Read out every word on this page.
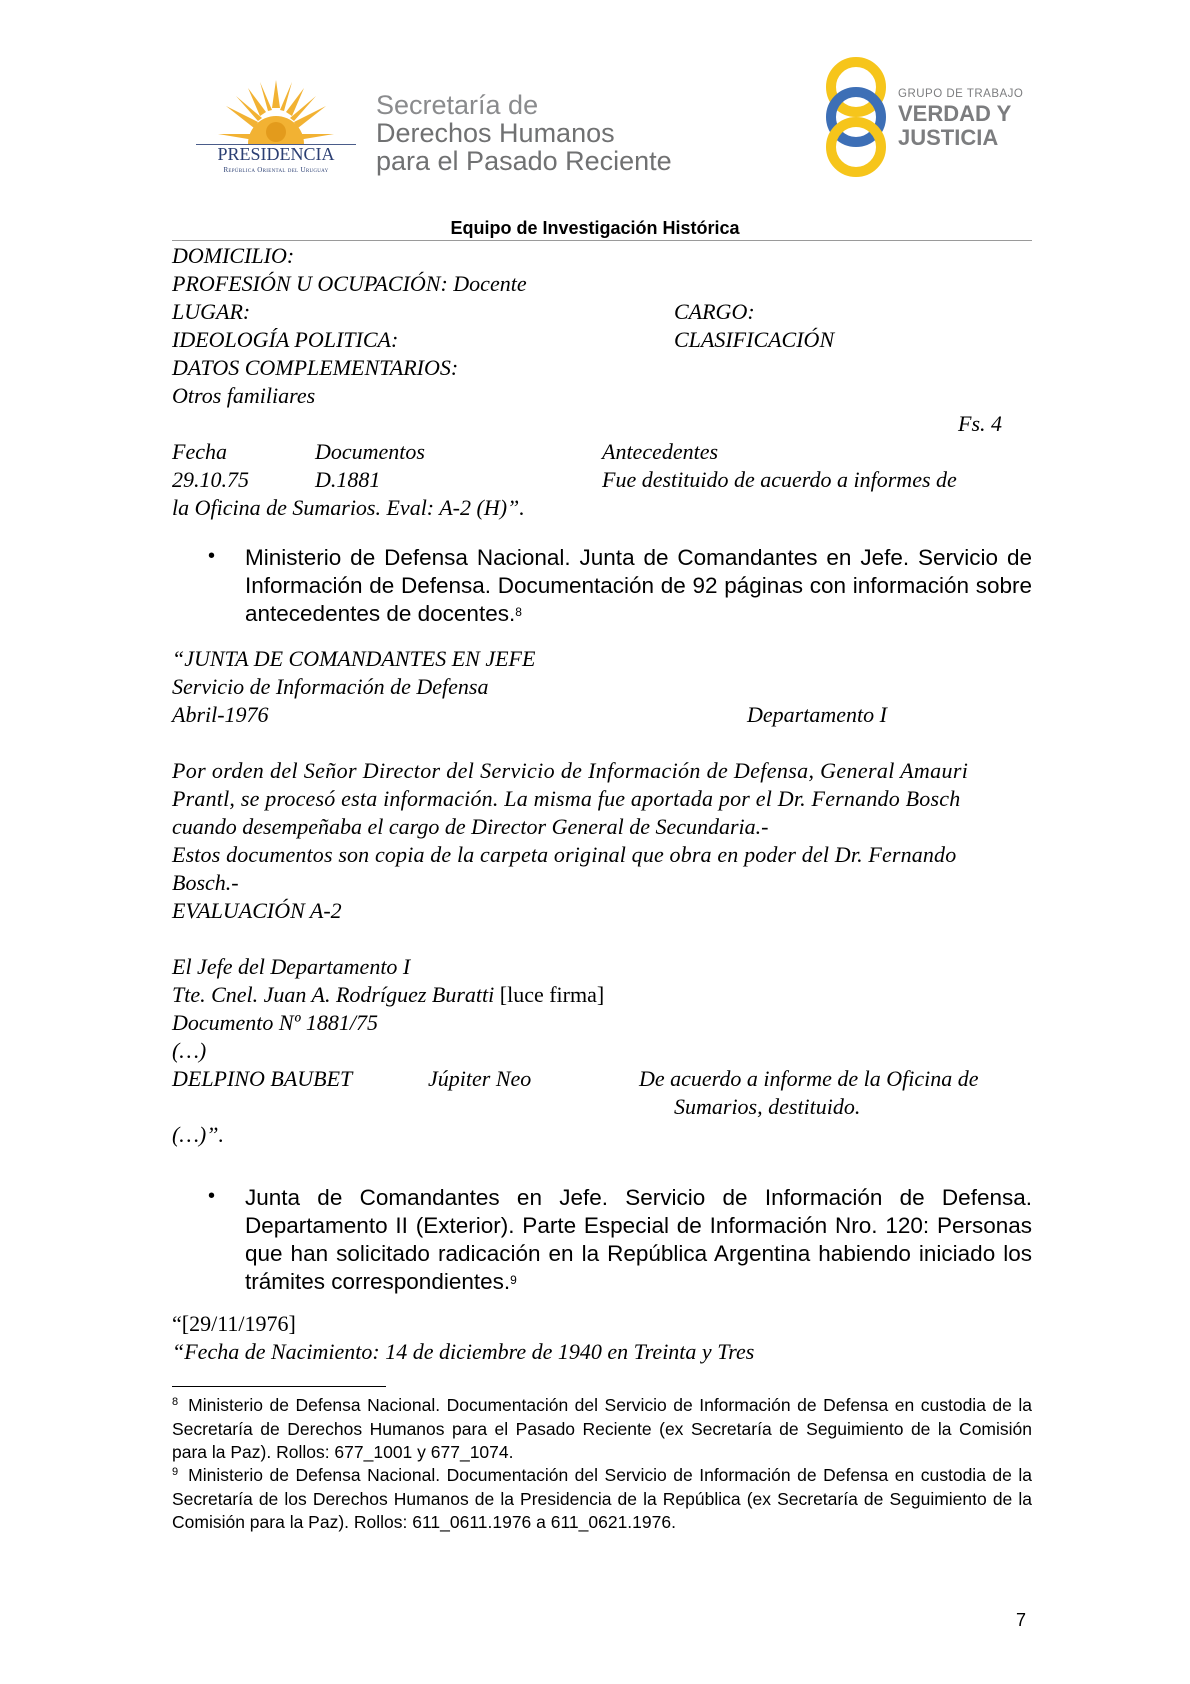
PRESIDENCIA
República Oriental del Uruguay
Secretaría de
Derechos Humanos
para el Pasado Reciente
GRUPO DE TRABAJO
VERDAD Y
JUSTICIA
Equipo de Investigación Histórica
DOMICILIO:
PROFESIÓN U OCUPACIÓN: Docente
LUGAR:	CARGO:
IDEOLOGÍA POLITICA:	CLASIFICACIÓN
DATOS COMPLEMENTARIOS:
Otros familiares
Fs. 4
Fecha	Documentos	Antecedentes
29.10.75	D.1881	Fue destituido de acuerdo a informes de
la Oficina de Sumarios. Eval: A-2 (H)”.
• Ministerio de Defensa Nacional. Junta de Comandantes en Jefe. Servicio de Información de Defensa. Documentación de 92 páginas con información sobre antecedentes de docentes.$^8$
“JUNTA DE COMANDANTES EN JEFE
Servicio de Información de Defensa
Abril-1976	Departamento I
Por orden del Señor Director del Servicio de Información de Defensa, General Amauri
Prantl, se procesó esta información. La misma fue aportada por el Dr. Fernando Bosch
cuando desempeñaba el cargo de Director General de Secundaria.-
Estos documentos son copia de la carpeta original que obra en poder del Dr. Fernando
Bosch.-
EVALUACIÓN A-2
El Jefe del Departamento I
Tte. Cnel. Juan A. Rodríguez Buratti [luce firma]
Documento Nº 1881/75
(…)
DELPINO BAUBET	Júpiter Neo	De acuerdo a informe de la Oficina de
Sumarios, destituido.
(…)”.
• Junta de Comandantes en Jefe. Servicio de Información de Defensa. Departamento II (Exterior). Parte Especial de Información Nro. 120: Personas que han solicitado radicación en la República Argentina habiendo iniciado los trámites correspondientes.$^9$
“[29/11/1976]
“Fecha de Nacimiento: 14 de diciembre de 1940 en Treinta y Tres
$^8$ Ministerio de Defensa Nacional. Documentación del Servicio de Información de Defensa en custodia de la Secretaría de Derechos Humanos para el Pasado Reciente (ex Secretaría de Seguimiento de la Comisión para la Paz). Rollos: 677_1001 y 677_1074.
$^9$ Ministerio de Defensa Nacional. Documentación del Servicio de Información de Defensa en custodia de la Secretaría de los Derechos Humanos de la Presidencia de la República (ex Secretaría de Seguimiento de la Comisión para la Paz). Rollos: 611_0611.1976 a 611_0621.1976.
7
